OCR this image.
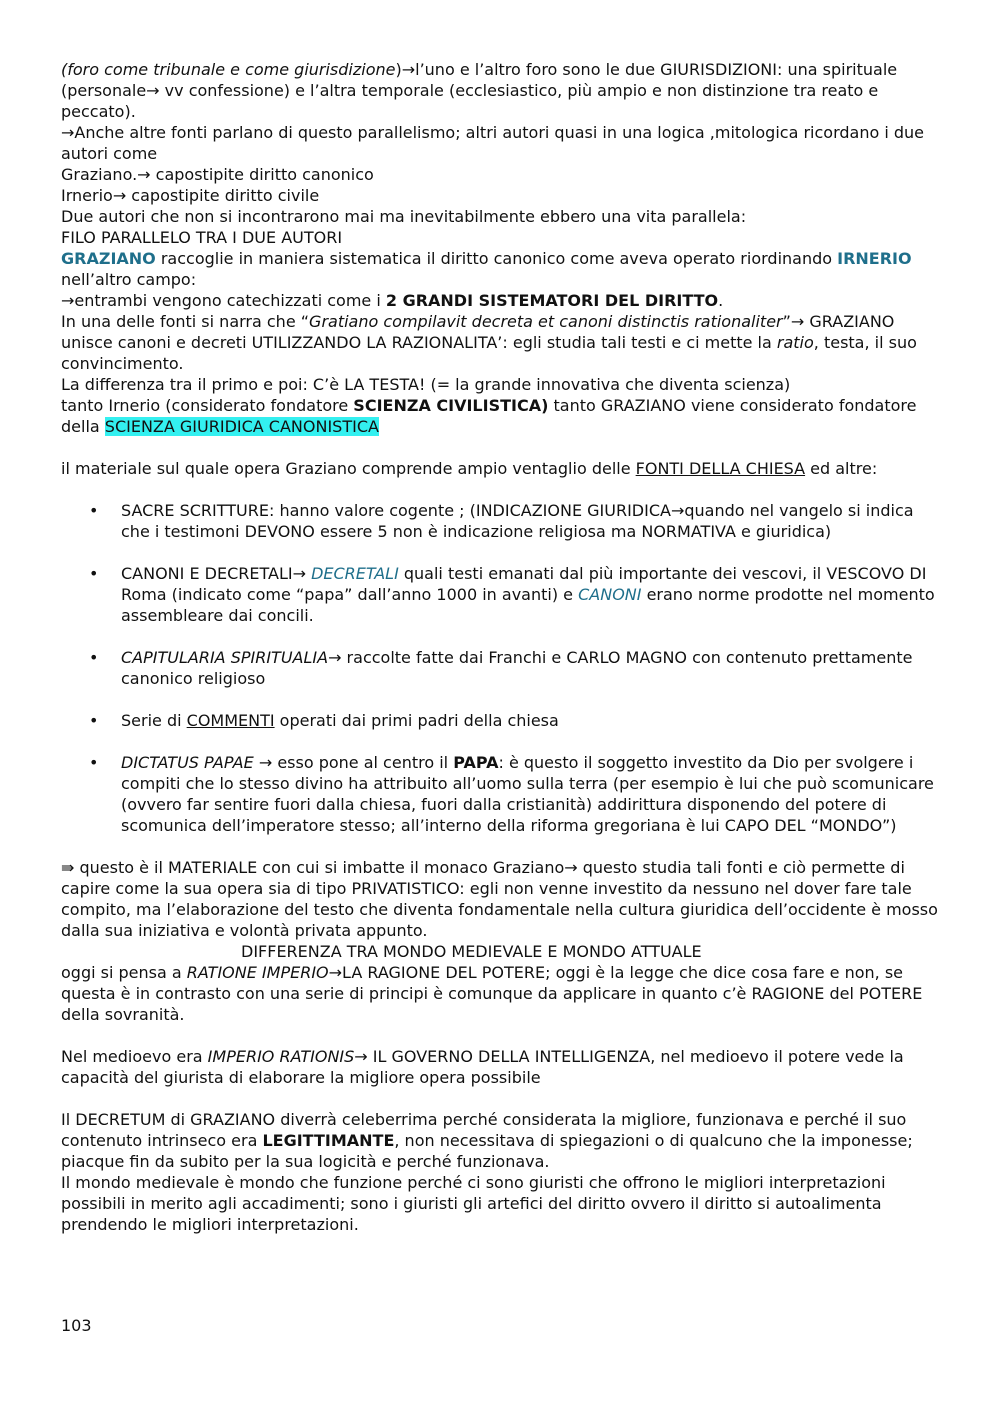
(foro come tribunale e come giurisdizione)→l’uno e l’altro foro sono le due GIURISDIZIONI: una spirituale (personale→ vv confessione) e l’altra temporale (ecclesiastico, più ampio e non distinzione tra reato e peccato).

→Anche altre fonti parlano di questo parallelismo; altri autori quasi in una logica ,mitologica ricordano i due autori come

Graziano.→ capostipite diritto canonico

Irnerio→ capostipite diritto civile

Due autori che non si incontrarono mai ma inevitabilmente ebbero una vita parallela:

FILO PARALLELO TRA I DUE AUTORI

GRAZIANO raccoglie in maniera sistematica il diritto canonico come aveva operato riordinando IRNERIO nell’altro campo:

→entrambi vengono catechizzati come i 2 GRANDI SISTEMATORI DEL DIRITTO.

In una delle fonti si narra che “Gratiano compilavit decreta et canoni distinctis rationaliter”→ GRAZIANO unisce canoni e decreti UTILIZZANDO LA RAZIONALITA’: egli studia tali testi e ci mette la ratio, testa, il suo convincimento.

La differenza tra il primo e poi: C’è LA TESTA! (= la grande innovativa che diventa scienza)

tanto Irnerio (considerato fondatore SCIENZA CIVILISTICA) tanto GRAZIANO viene considerato fondatore della SCIENZA GIURIDICA CANONISTICA

il materiale sul quale opera Graziano comprende ampio ventaglio delle FONTI DELLA CHIESA ed altre:

• SACRE SCRITTURE: hanno valore cogente ; (INDICAZIONE GIURIDICA→quando nel vangelo si indica che i testimoni DEVONO essere 5 non è indicazione religiosa ma NORMATIVA e giuridica)
• CANONI E DECRETALI→ DECRETALI quali testi emanati dal più importante dei vescovi, il VESCOVO DI Roma (indicato come “papa” dall’anno 1000 in avanti) e CANONI erano norme prodotte nel momento assembleare dai concili.
• CAPITULARIA SPIRITUALIA→ raccolte fatte dai Franchi e CARLO MAGNO con contenuto prettamente canonico religioso
• Serie di COMMENTI operati dai primi padri della chiesa
• DICTATUS PAPAE → esso pone al centro il PAPA: è questo il soggetto investito da Dio per svolgere i compiti che lo stesso divino ha attribuito all’uomo sulla terra (per esempio è lui che può scomunicare (ovvero far sentire fuori dalla chiesa, fuori dalla cristianità) addirittura disponendo del potere di scomunica dell’imperatore stesso; all’interno della riforma gregoriana è lui CAPO DEL “MONDO”)

⇛ questo è il MATERIALE con cui si imbatte il monaco Graziano→ questo studia tali fonti e ciò permette di capire come la sua opera sia di tipo PRIVATISTICO: egli non venne investito da nessuno nel dover fare tale compito, ma l’elaborazione del testo che diventa fondamentale nella cultura giuridica dell’occidente è mosso dalla sua iniziativa e volontà privata appunto.

DIFFERENZA TRA MONDO MEDIEVALE E MONDO ATTUALE

oggi si pensa a RATIONE IMPERIO→LA RAGIONE DEL POTERE; oggi è la legge che dice cosa fare e non, se questa è in contrasto con una serie di principi è comunque da applicare in quanto c’è RAGIONE del POTERE della sovranità.

Nel medioevo era IMPERIO RATIONIS→ IL GOVERNO DELLA INTELLIGENZA, nel medioevo il potere vede la capacità del giurista di elaborare la migliore opera possibile

Il DECRETUM di GRAZIANO diverrà celeberrima perché considerata la migliore, funzionava e perché il suo contenuto intrinseco era LEGITTIMANTE, non necessitava di spiegazioni o di qualcuno che la imponesse; piacque fin da subito per la sua logicità e perché funzionava.

Il mondo medievale è mondo che funzione perché ci sono giuristi che offrono le migliori interpretazioni possibili in merito agli accadimenti; sono i giuristi gli artefici del diritto ovvero il diritto si autoalimenta prendendo le migliori interpretazioni.

103
